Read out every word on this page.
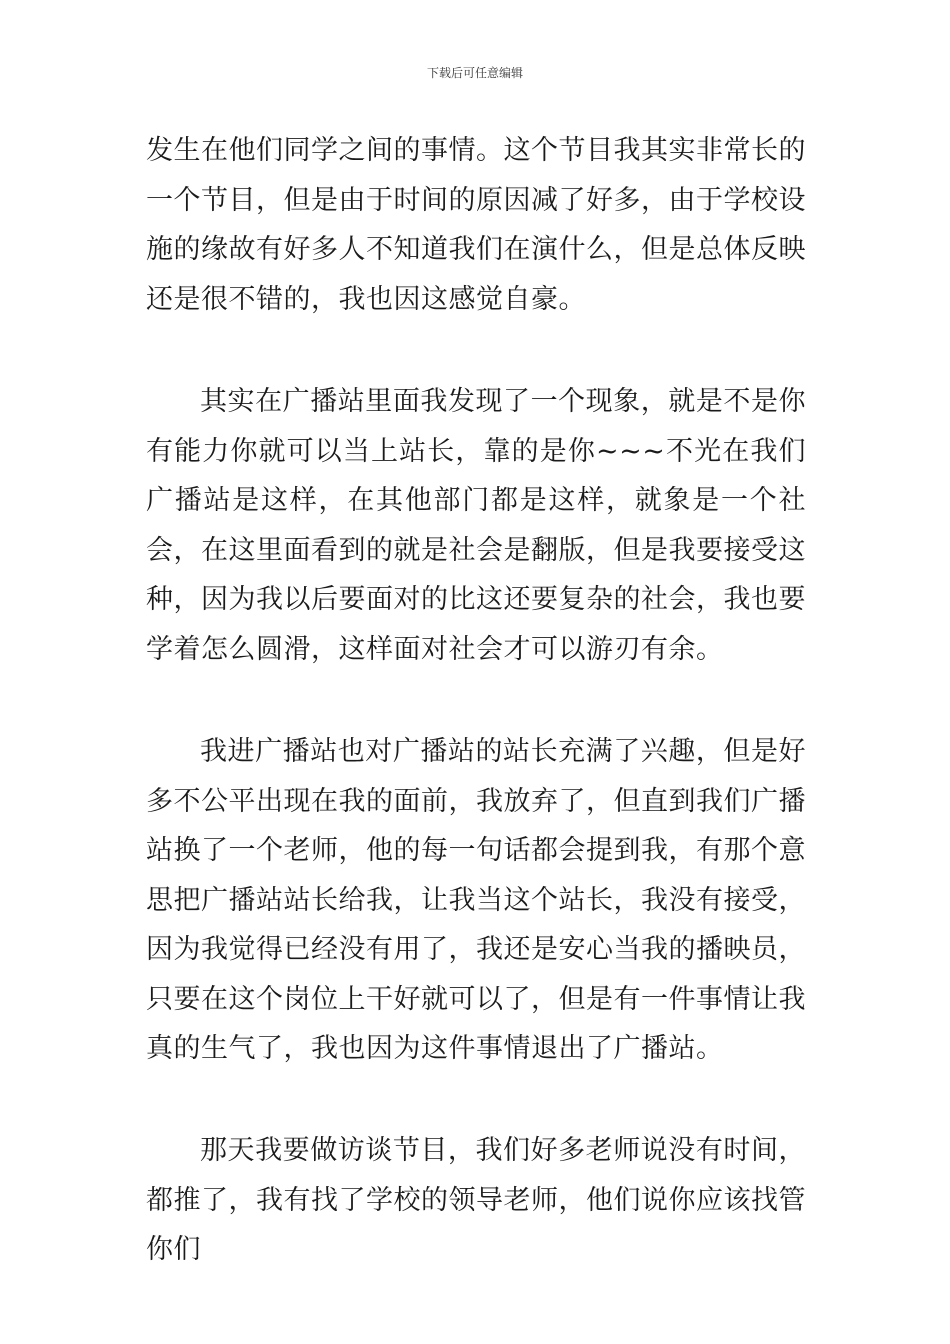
下载后可任意编辑

发生在他们同学之间的事情。这个节目我其实非常长的一个节目，但是由于时间的原因减了好多，由于学校设施的缘故有好多人不知道我们在演什么，但是总体反映还是很不错的，我也因这感觉自豪。

其实在广播站里面我发现了一个现象，就是不是你有能力你就可以当上站长，靠的是你~~~不光在我们广播站是这样，在其他部门都是这样，就象是一个社会，在这里面看到的就是社会是翻版，但是我要接受这种，因为我以后要面对的比这还要复杂的社会，我也要学着怎么圆滑，这样面对社会才可以游刃有余。

我进广播站也对广播站的站长充满了兴趣，但是好多不公平出现在我的面前，我放弃了，但直到我们广播站换了一个老师，他的每一句话都会提到我，有那个意思把广播站站长给我，让我当这个站长，我没有接受，因为我觉得已经没有用了，我还是安心当我的播映员，只要在这个岗位上干好就可以了，但是有一件事情让我真的生气了，我也因为这件事情退出了广播站。

那天我要做访谈节目，我们好多老师说没有时间，都推了，我有找了学校的领导老师，他们说你应该找管你们
